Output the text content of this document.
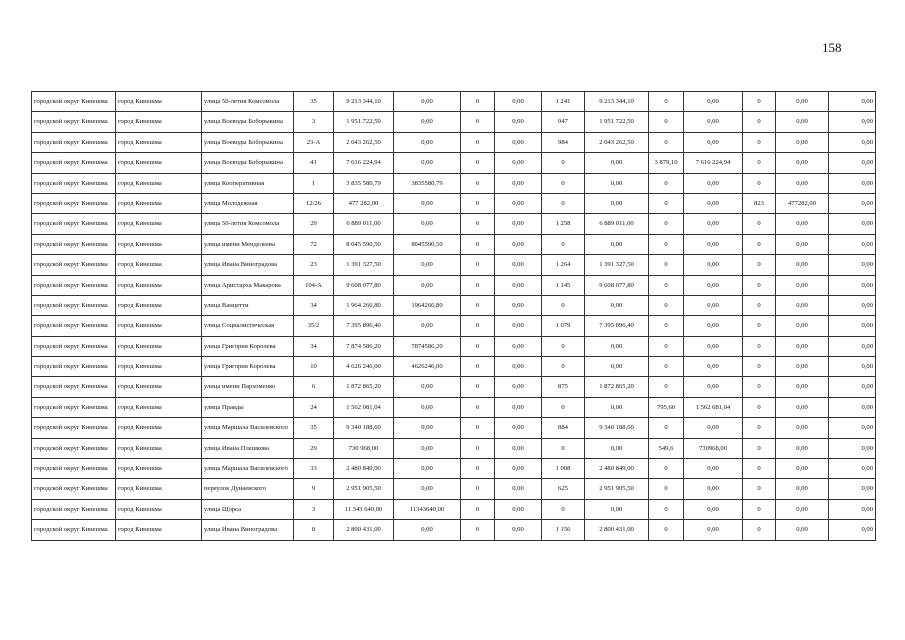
158
городской округ Кинешма	город Кинешма	улица 50-летия Комсомола	35	9 213 344,10	0,00	0	0,00	1 241	9 213 344,10	0	0,00	0	0,00	0,00
городской округ Кинешма	город Кинешма	улица Воеводы Боборыкина	3	1 951 722,50	0,00	0	0,00	947	1 951 722,50	0	0,00	0	0,00	0,00
городской округ Кинешма	город Кинешма	улица Воеводы Боборыкина	23-А	2 043 262,50	0,00	0	0,00	984	2 043 262,50	0	0,00	0	0,00	0,00
городской округ Кинешма	город Кинешма	улица Воеводы Боборыкина	41	7 616 224,94	0,00	0	0,00	0	0,00	3 879,10	7 616 224,94	0	0,00	0,00
городской округ Кинешма	город Кинешма	улица Кооперативная	1	3 835 580,79	3835580,79	0	0,00	0	0,00	0	0,00	0	0,00	0,00
городской округ Кинешма	город Кинешма	улица Молодежная	12/26	477 282,00	0,00	0	0,00	0	0,00	0	0,00	823	477282,00	0,00
городской округ Кинешма	город Кинешма	улица 50-летия Комсомола	29	6 889 011,00	0,00	0	0,00	1 258	6 889 011,00	0	0,00	0	0,00	0,00
городской округ Кинешма	город Кинешма	улица имени Менделеева	72	8 045 590,50	8045590,50	0	0,00	0	0,00	0	0,00	0	0,00	0,00
городской округ Кинешма	город Кинешма	улица Ивана Виноградова	23	1 391 327,50	0,00	0	0,00	1 264	1 391 327,50	0	0,00	0	0,00	0,00
городской округ Кинешма	город Кинешма	улица Аристарха Макарова	104-А	9 608 077,80	0,00	0	0,00	1 145	9 608 077,80	0	0,00	0	0,00	0,00
городской округ Кинешма	город Кинешма	улица Ванцетти	34	1 964 266,80	1964266,80	0	0,00	0	0,00	0	0,00	0	0,00	0,00
городской округ Кинешма	город Кинешма	улица Социалистическая	35/2	7 395 896,40	0,00	0	0,00	1 079	7 395 896,40	0	0,00	0	0,00	0,00
городской округ Кинешма	город Кинешма	улица Григория Королева	34	7 874 586,20	7874586,20	0	0,00	0	0,00	0	0,00	0	0,00	0,00
городской округ Кинешма	город Кинешма	улица Григория Королева	10	4 626 246,00	4626246,00	0	0,00	0	0,00	0	0,00	0	0,00	0,00
городской округ Кинешма	город Кинешма	улица имени Пархоменко	6	1 872 865,20	0,00	0	0,00	875	1 872 865,20	0	0,00	0	0,00	0,00
городской округ Кинешма	город Кинешма	улица Правды	24	1 562 081,04	0,00	0	0,00	0	0,00	795,60	1 562 081,04	0	0,00	0,00
городской округ Кинешма	город Кинешма	улица Маршала Василевского	35	9 340 188,60	0,00	0	0,00	884	9 340 188,60	0	0,00	0	0,00	0,00
городской округ Кинешма	город Кинешма	улица Ивана Плешкова	29	730 968,00	0,00	0	0,00	0	0,00	549,6	730968,00	0	0,00	0,00
городской округ Кинешма	город Кинешма	улица Маршала Василевского	33	2 480 849,00	0,00	0	0,00	1 008	2 480 849,00	0	0,00	0	0,00	0,00
городской округ Кинешма	город Кинешма	переулок Дунаевского	9	2 951 905,50	0,00	0	0,00	625	2 951 905,50	0	0,00	0	0,00	0,00
городской округ Кинешма	город Кинешма	улица Щорса	3	11 343 640,00	11343640,00	0	0,00	0	0,00	0	0,00	0	0,00	0,00
городской округ Кинешма	город Кинешма	улица Ивана Виноградова	8	2 800 431,00	0,00	0	0,00	1 156	2 800 431,00	0	0,00	0	0,00	0,00
